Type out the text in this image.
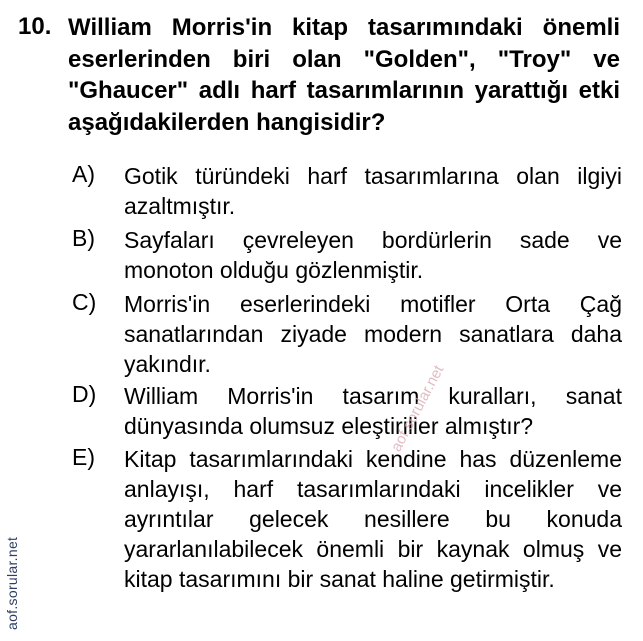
10. William Morris'in kitap tasarımındaki önemli eserlerinden biri olan "Golden", "Troy" ve "Ghaucer" adlı harf tasarımlarının yarattığı etki aşağıdakilerden hangisidir?
A)	Gotik türündeki harf tasarımlarına olan ilgiyi azaltmıştır.
B)	Sayfaları çevreleyen bordürlerin sade ve monoton olduğu gözlenmiştir.
C)	Morris'in eserlerindeki motifler Orta Çağ sanatlarından ziyade modern sanatlara daha yakındır.
D)	William Morris'in tasarım kuralları, sanat dünyasında olumsuz eleştirilier almıştır?
E)	Kitap tasarımlarındaki kendine has düzenleme anlayışı, harf tasarımlarındaki incelikler ve ayrıntılar gelecek nesillere bu konuda yararlanılabilecek önemli bir kaynak olmuş ve kitap tasarımını bir sanat haline getirmiştir.
aof.sorular.net
aof.sorular.net
